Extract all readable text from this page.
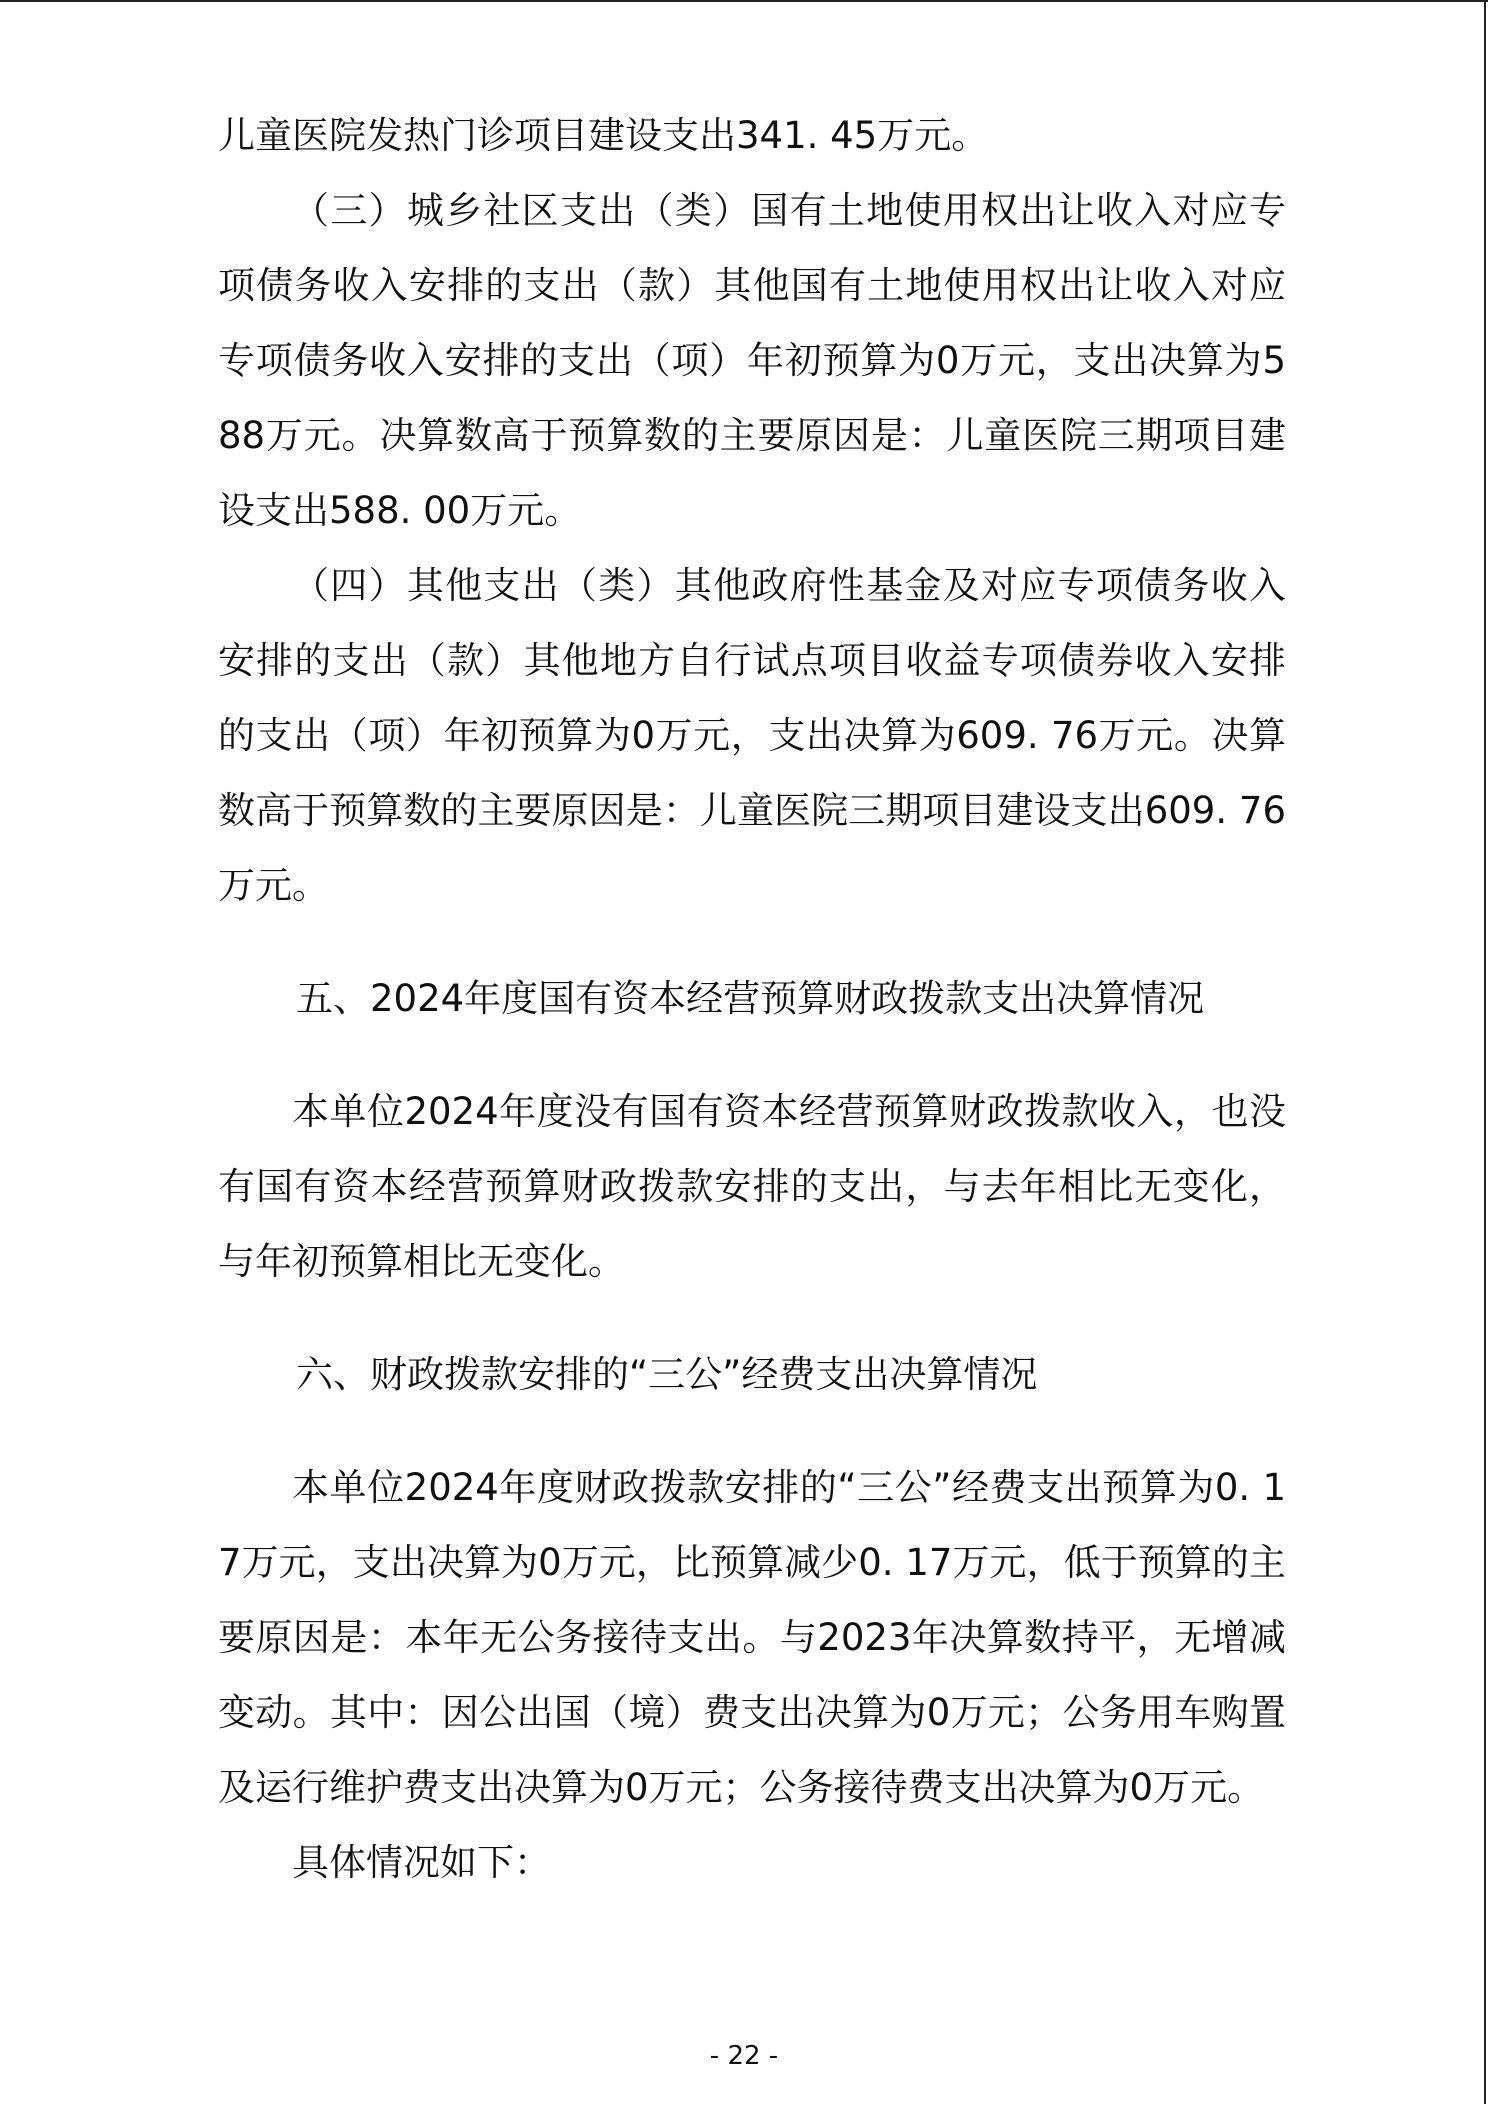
儿童医院发热门诊项目建设支出341. 45万元。

（三）城乡社区支出（类）国有土地使用权出让收入对应专项债务收入安排的支出（款）其他国有土地使用权出让收入对应专项债务收入安排的支出（项）年初预算为0万元，支出决算为588万元。决算数高于预算数的主要原因是：儿童医院三期项目建设支出588. 00万元。

（四）其他支出（类）其他政府性基金及对应专项债务收入安排的支出（款）其他地方自行试点项目收益专项债券收入安排的支出（项）年初预算为0万元，支出决算为609. 76万元。决算数高于预算数的主要原因是：儿童医院三期项目建设支出609. 76万元。

五、2024年度国有资本经营预算财政拨款支出决算情况

本单位2024年度没有国有资本经营预算财政拨款收入，也没有国有资本经营预算财政拨款安排的支出，与去年相比无变化，与年初预算相比无变化。

六、财政拨款安排的“三公”经费支出决算情况

本单位2024年度财政拨款安排的“三公”经费支出预算为0. 17万元，支出决算为0万元，比预算减少0. 17万元，低于预算的主要原因是：本年无公务接待支出。与2023年决算数持平，无增减变动。其中：因公出国（境）费支出决算为0万元；公务用车购置及运行维护费支出决算为0万元；公务接待费支出决算为0万元。

具体情况如下：

- 22 -
